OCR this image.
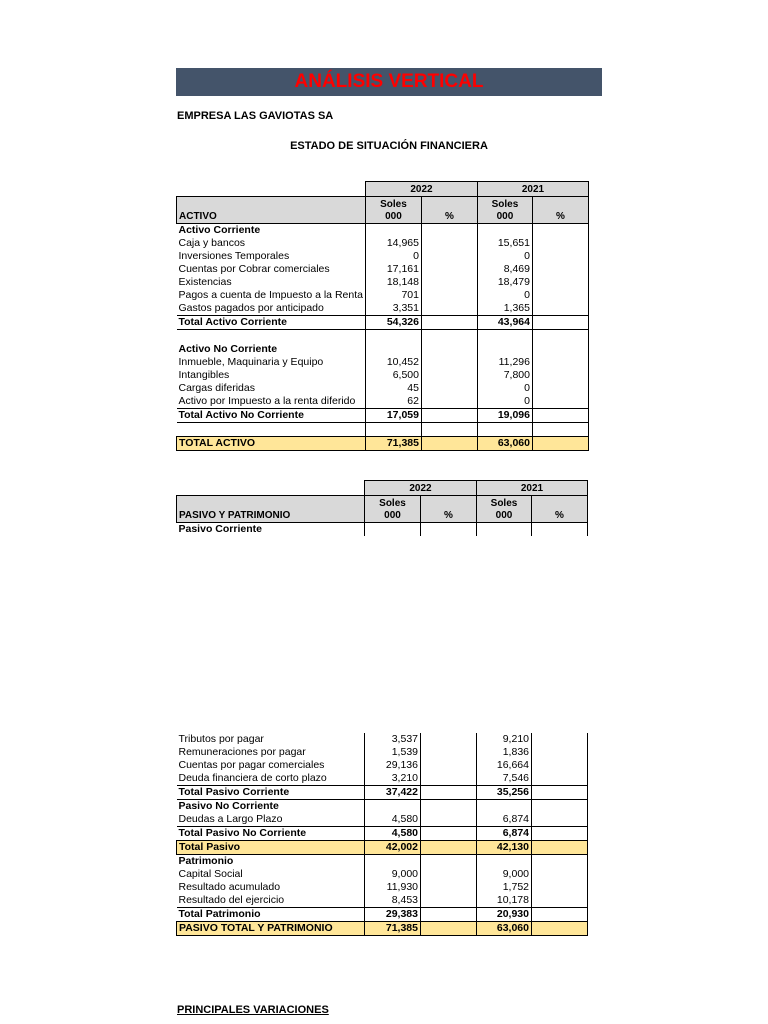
ANÁLISIS VERTICAL
EMPRESA LAS GAVIOTAS SA
ESTADO DE SITUACIÓN FINANCIERA
	2022		2021	
ACTIVO	Soles
000	%	Soles
000	%
Activo Corriente				
Caja y bancos	14,965		15,651	
Inversiones Temporales	0		0	
Cuentas por Cobrar comerciales	17,161		8,469	
Existencias	18,148		18,479	
Pagos a cuenta de Impuesto a la Renta	701		0	
Gastos pagados por anticipado	3,351		1,365	
Total Activo Corriente	54,326		43,964	

Activo No Corriente				
Inmueble, Maquinaria y Equipo	10,452		11,296	
Intangibles	6,500		7,800	
Cargas diferidas	45		0	
Activo por Impuesto a la renta diferido	62		0	
Total Activo No Corriente	17,059		19,096	

TOTAL ACTIVO	71,385		63,060	
	2022		2021	
PASIVO Y PATRIMONIO	Soles
000	%	Soles
000	%
Pasivo Corriente				
Tributos por pagar	3,537		9,210	
Remuneraciones por pagar	1,539		1,836	
Cuentas por pagar comerciales	29,136		16,664	
Deuda financiera de corto plazo	3,210		7,546	
Total Pasivo Corriente	37,422		35,256	
Pasivo No Corriente				
Deudas a Largo Plazo	4,580		6,874	
Total Pasivo No Corriente	4,580		6,874	
Total Pasivo	42,002		42,130	
Patrimonio				
Capital Social	9,000		9,000	
Resultado acumulado	11,930		1,752	
Resultado del ejercicio	8,453		10,178	
Total Patrimonio	29,383		20,930	
PASIVO TOTAL Y PATRIMONIO	71,385		63,060	
PRINCIPALES VARIACIONES
